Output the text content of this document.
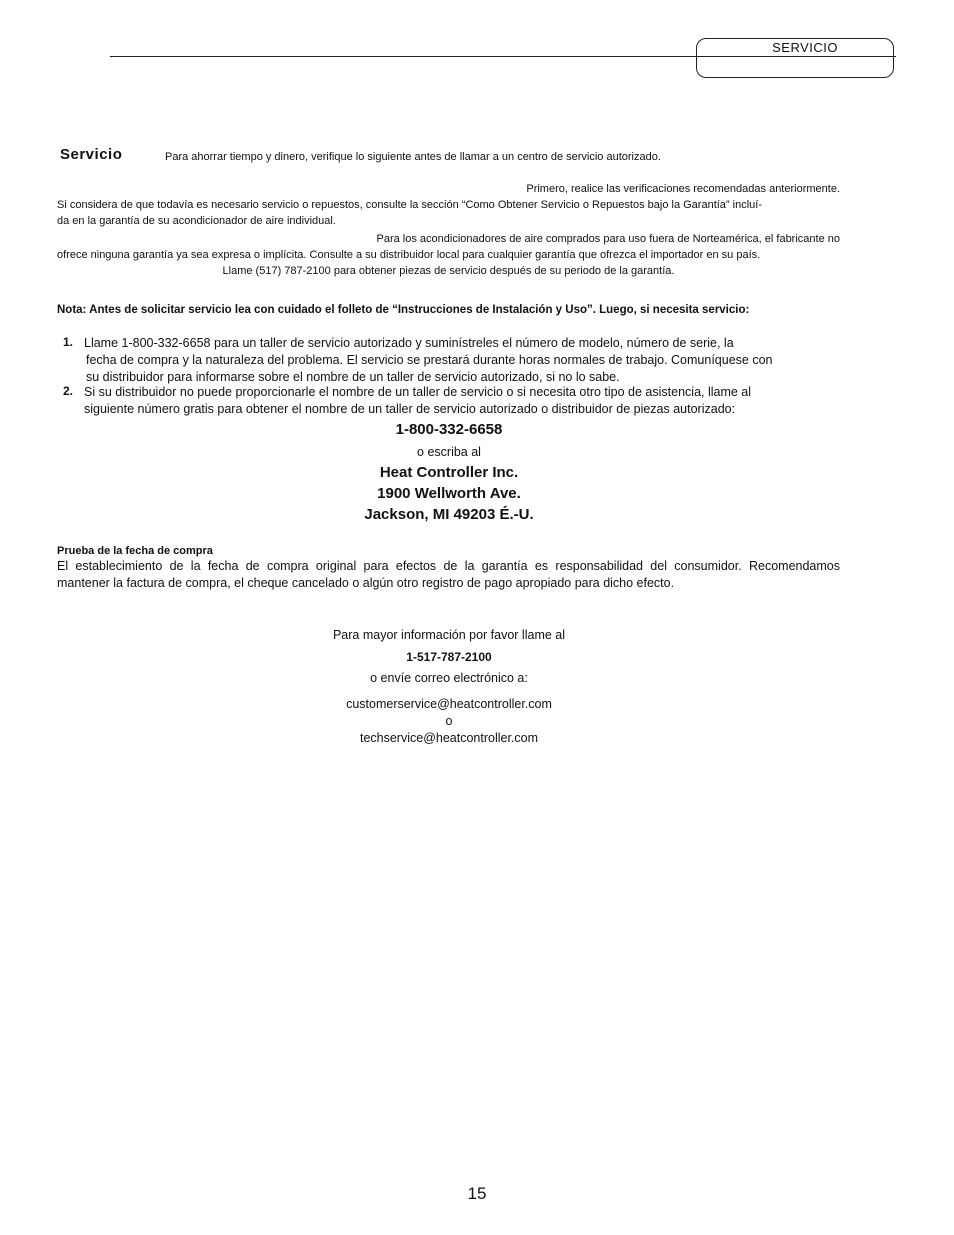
SERVICIO
Servicio	Para ahorrar tiempo y dinero, verifique lo siguiente antes de llamar a un centro de servicio autorizado.
Primero, realice las verificaciones recomendadas anteriormente.
Si considera de que todavía es necesario servicio o repuestos, consulte la sección “Como Obtener Servicio o Repuestos bajo la Garantía” incluí-
da en la garantía de su acondicionador de aire individual.
Para los acondicionadores de aire comprados para uso fuera de Norteamérica, el fabricante no
ofrece ninguna garantía ya sea expresa o implícita. Consulte a su distribuidor local para cualquier garantía que ofrezca el importador en su país.
Llame (517) 787-2100 para obtener piezas de servicio después de su periodo de la garantía.
Nota: Antes de solicitar servicio lea con cuidado el folleto de “Instrucciones de Instalación y Uso”. Luego, si necesita servicio:
1. Llame 1-800-332-6658 para un taller de servicio autorizado y suminístreles el número de modelo, número de serie, la
fecha de compra y la naturaleza del problema. El servicio se prestará durante horas normales de trabajo. Comuníquese con
su distribuidor para informarse sobre el nombre de un taller de servicio autorizado, si no lo sabe.
2. Si su distribuidor no puede proporcionarle el nombre de un taller de servicio o si necesita otro tipo de asistencia, llame al
siguiente número gratis para obtener el nombre de un taller de servicio autorizado o distribuidor de piezas autorizado:
1-800-332-6658
o escriba al
Heat Controller Inc.
1900 Wellworth Ave.
Jackson, MI 49203 É.-U.
Prueba de la fecha de compra
El establecimiento de la fecha de compra original para efectos de la garantía es responsabilidad del consumidor. Recomendamos
mantener la factura de compra, el cheque cancelado o algún otro registro de pago apropiado para dicho efecto.
Para mayor información por favor llame al
1-517-787-2100
o envíe correo electrónico a:
customerservice@heatcontroller.com
o
techservice@heatcontroller.com
15
